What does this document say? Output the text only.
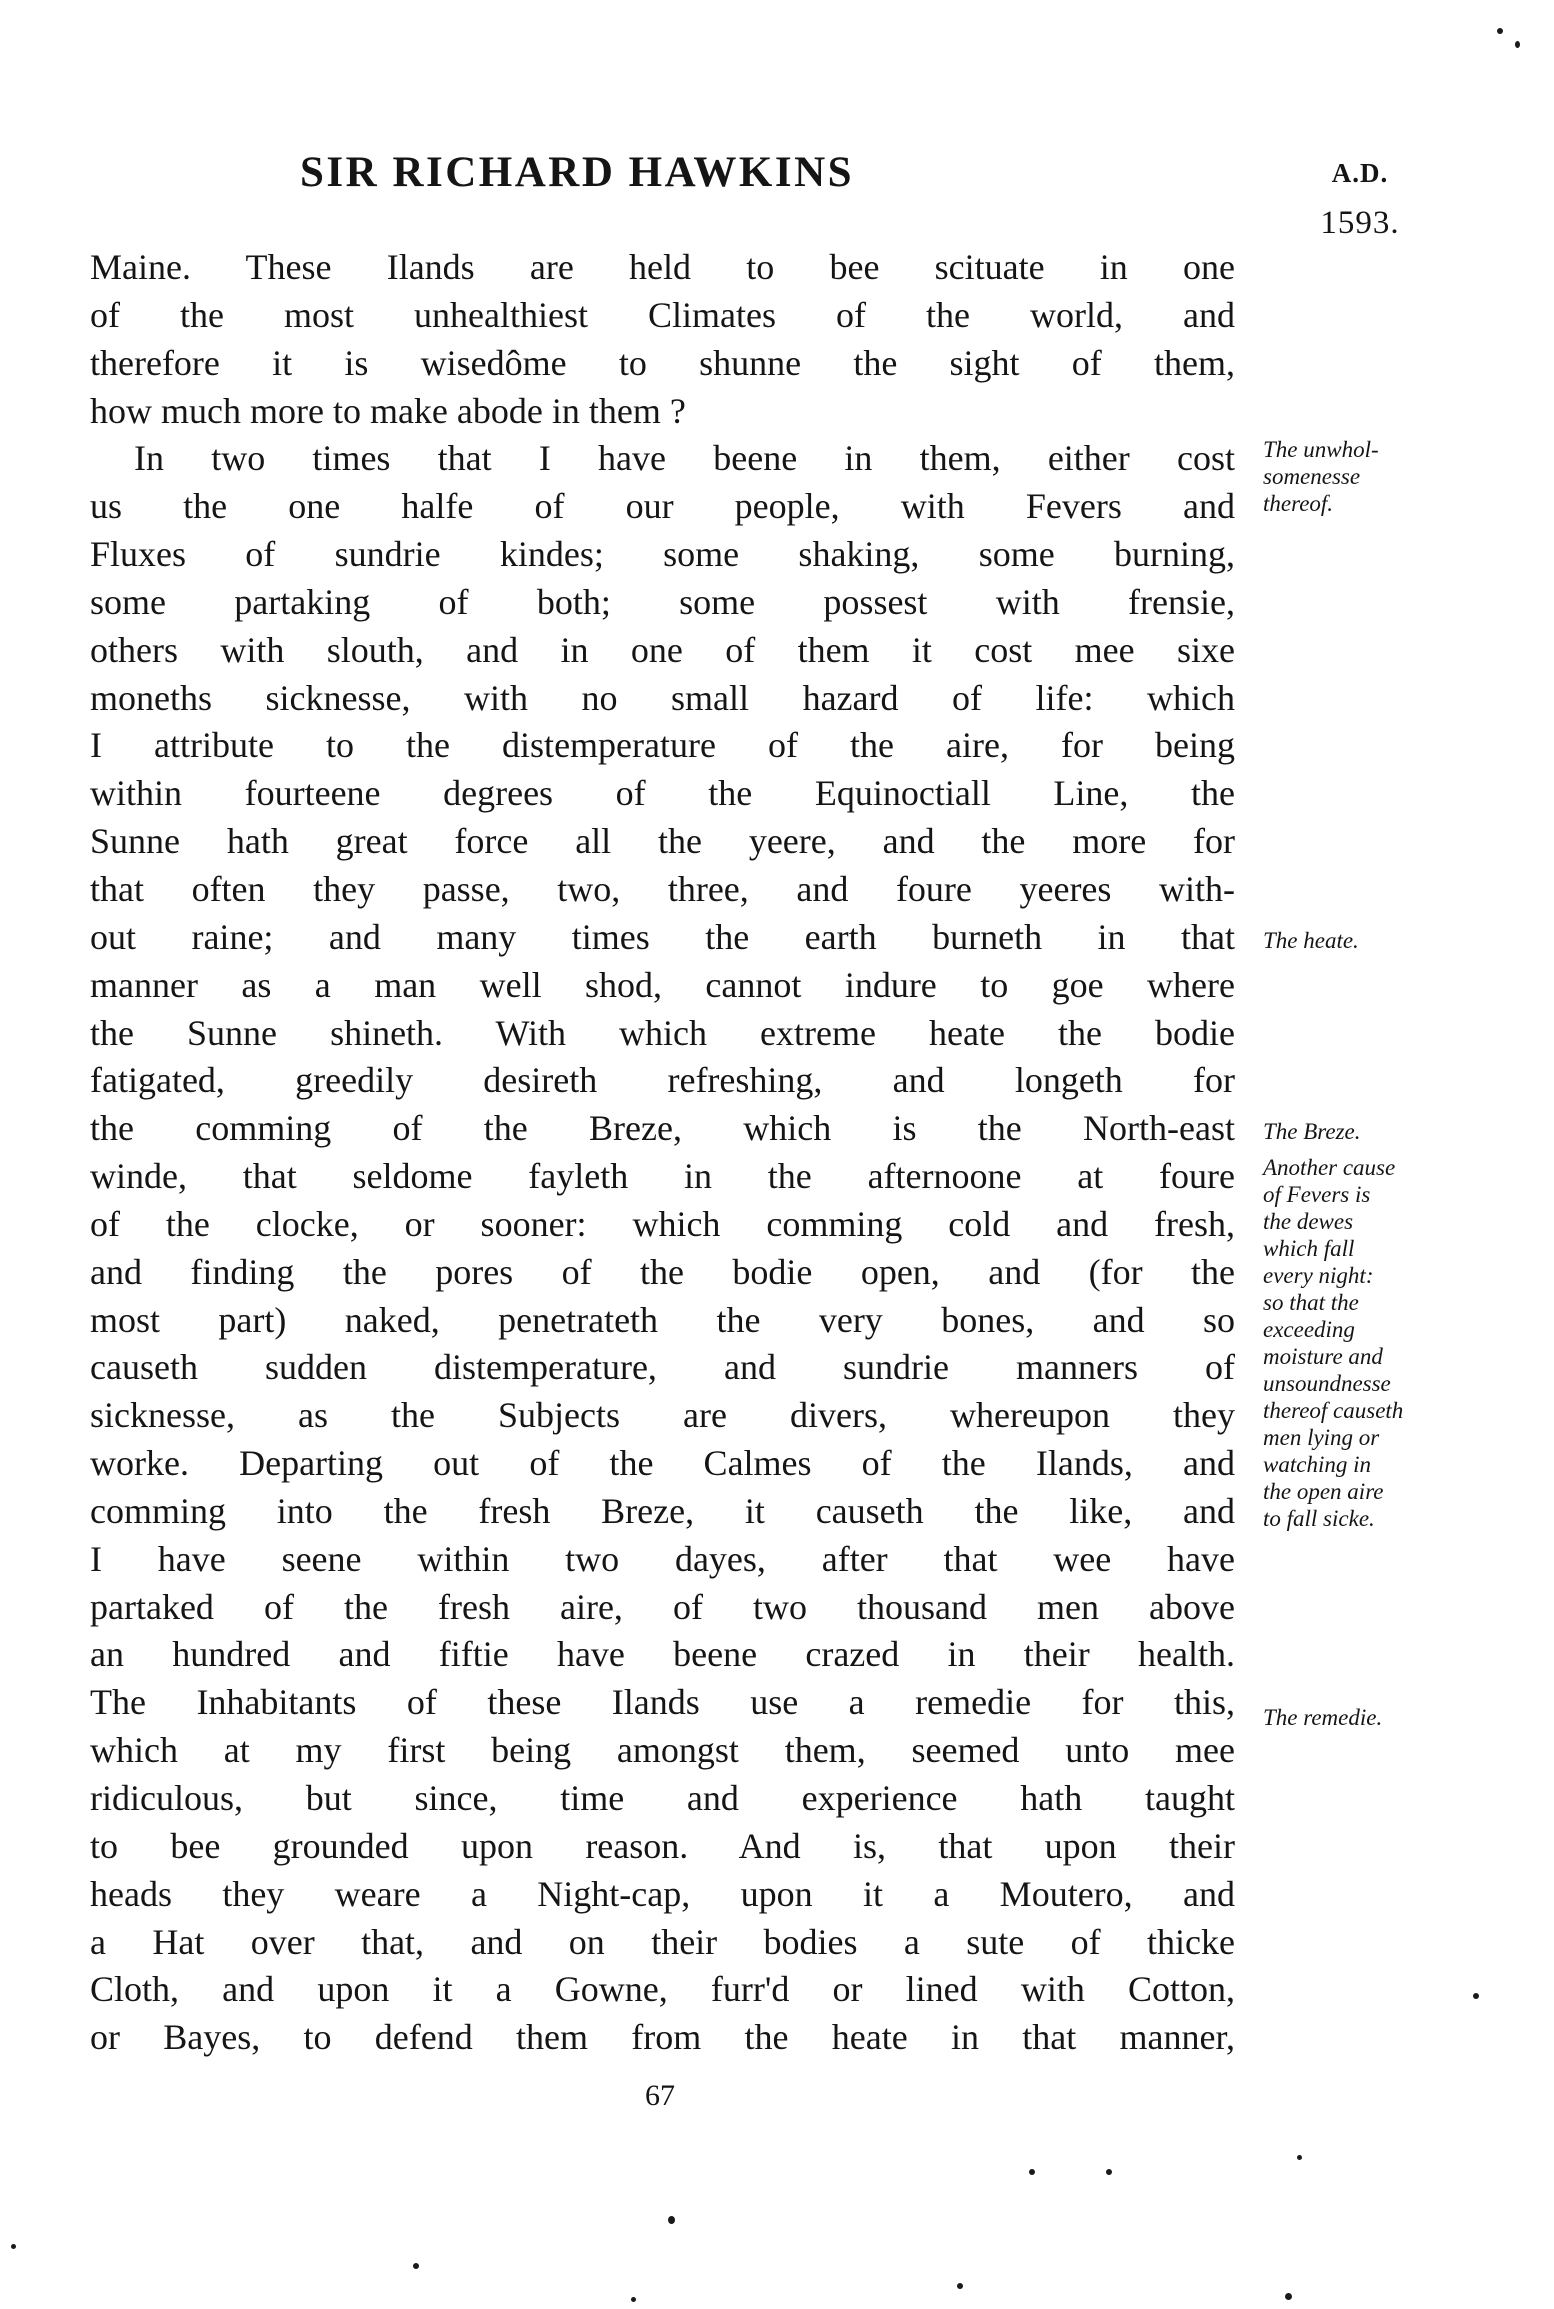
SIR RICHARD HAWKINS	A.D.
1593.
Maine. These Ilands are held to bee scituate in one
of the most unhealthiest Climates of the world, and
therefore it is wisedôme to shunne the sight of them,
how much more to make abode in them ?
In two times that I have beene in them, either cost
us the one halfe of our people, with Fevers and
Fluxes of sundrie kindes; some shaking, some burning,
some partaking of both; some possest with frensie,
others with slouth, and in one of them it cost mee sixe
moneths sicknesse, with no small hazard of life: which
I attribute to the distemperature of the aire, for being
within fourteene degrees of the Equinoctiall Line, the
Sunne hath great force all the yeere, and the more for
that often they passe, two, three, and foure yeeres with-
out raine; and many times the earth burneth in that
manner as a man well shod, cannot indure to goe where
the Sunne shineth. With which extreme heate the bodie
fatigated, greedily desireth refreshing, and longeth for
the comming of the Breze, which is the North-east
winde, that seldome fayleth in the afternoone at foure
of the clocke, or sooner: which comming cold and fresh,
and finding the pores of the bodie open, and (for the
most part) naked, penetrateth the very bones, and so
causeth sudden distemperature, and sundrie manners of
sicknesse, as the Subjects are divers, whereupon they
worke. Departing out of the Calmes of the Ilands, and
comming into the fresh Breze, it causeth the like, and
I have seene within two dayes, after that wee have
partaked of the fresh aire, of two thousand men above
an hundred and fiftie have beene crazed in their health.
The Inhabitants of these Ilands use a remedie for this,
which at my first being amongst them, seemed unto mee
ridiculous, but since, time and experience hath taught
to bee grounded upon reason. And is, that upon their
heads they weare a Night-cap, upon it a Moutero, and
a Hat over that, and on their bodies a sute of thicke
Cloth, and upon it a Gowne, furr'd or lined with Cotton,
or Bayes, to defend them from the heate in that manner,
The unwhol-
somenesse
thereof.
The heate.
The Breze.
Another cause
of Fevers is
the dewes
which fall
every night:
so that the
exceeding
moisture and
unsoundnesse
thereof causeth
men lying or
watching in
the open aire
to fall sicke.
The remedie.
67
